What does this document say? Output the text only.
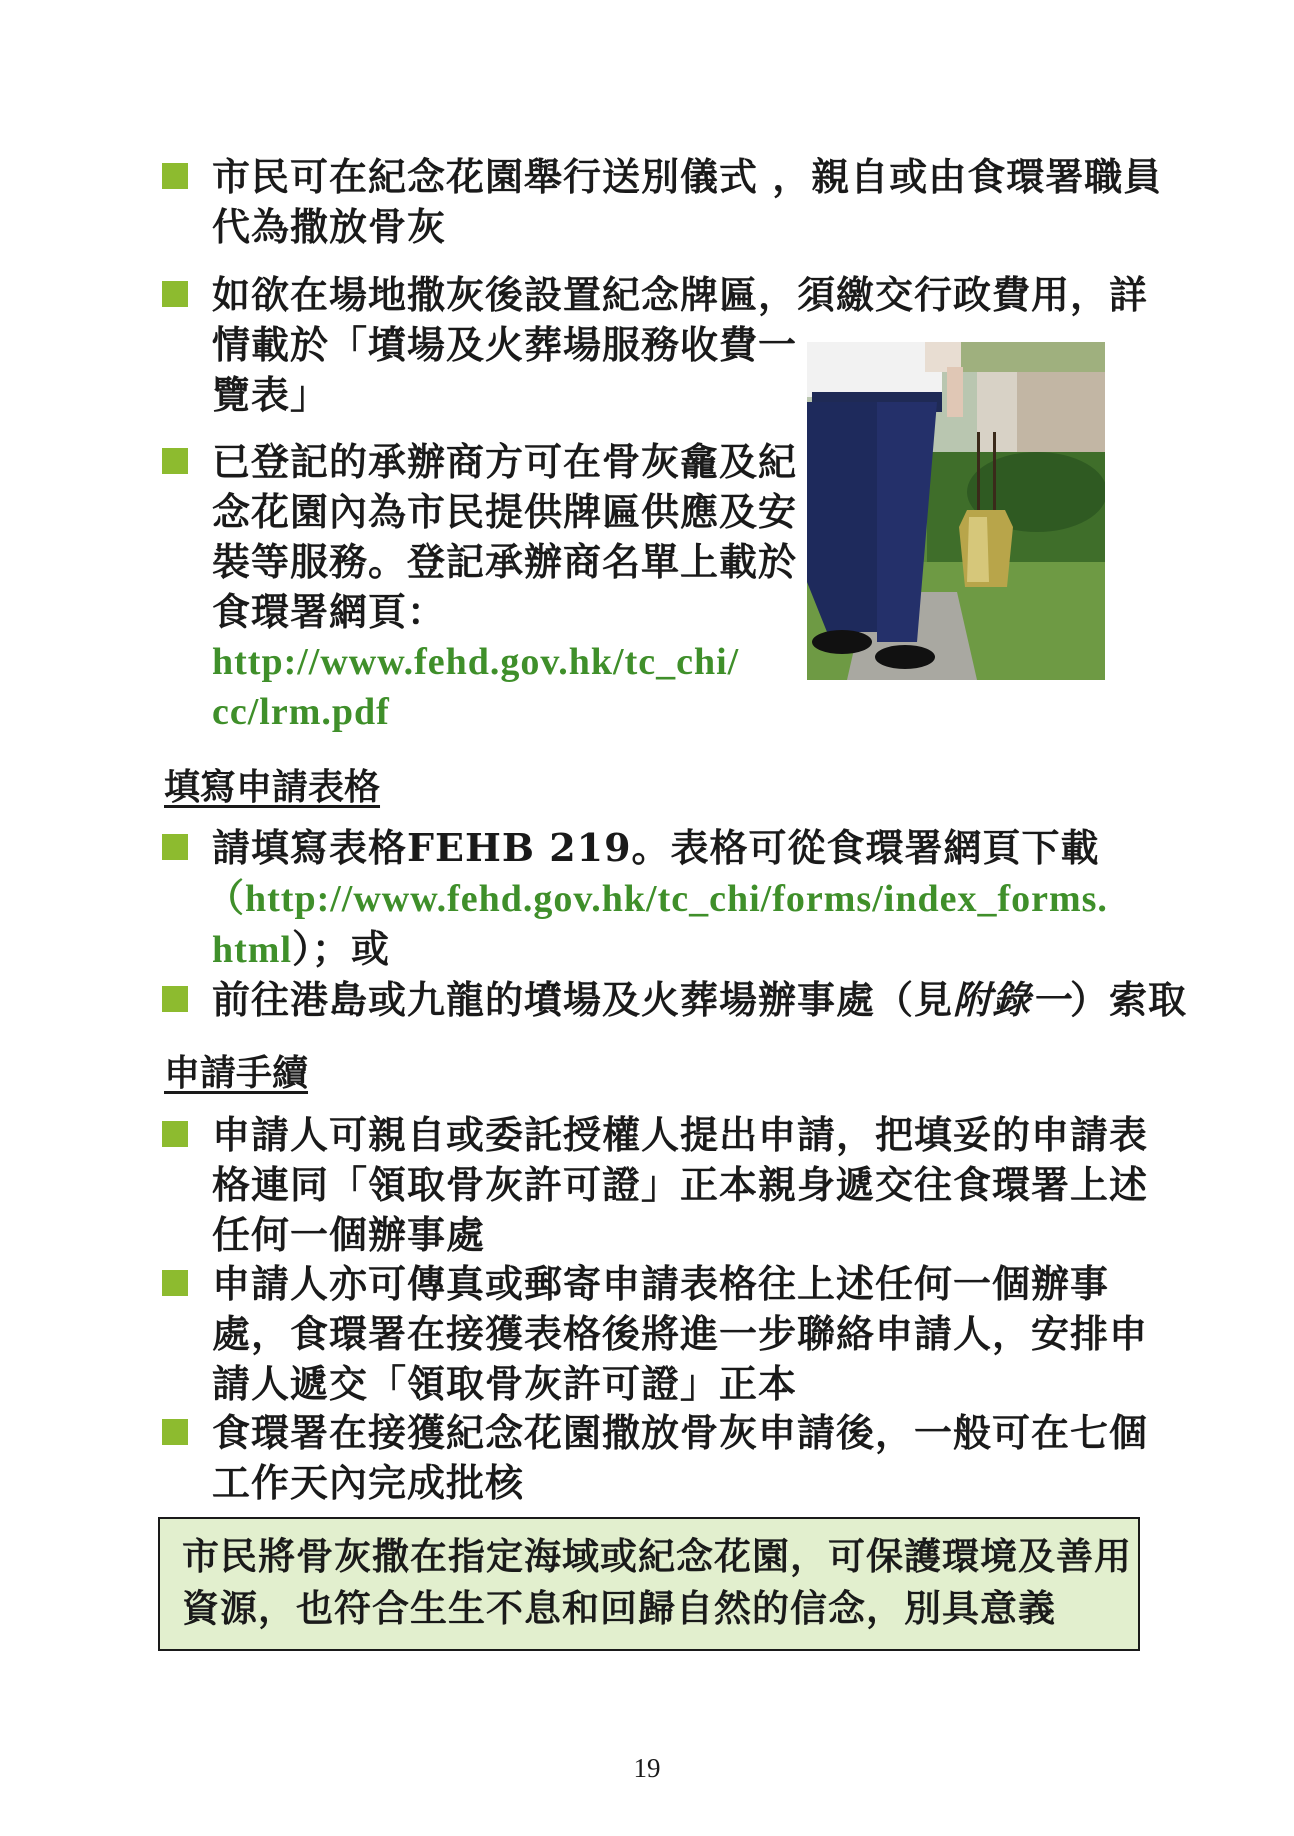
市民可在紀念花園舉行送別儀式 ，親自或由食環署職員
代為撒放骨灰
如欲在場地撒灰後設置紀念牌匾，須繳交行政費用，詳
情載於「墳場及火葬場服務收費一
覽表」
已登記的承辦商方可在骨灰龕及紀
念花園內為市民提供牌匾供應及安
裝等服務。登記承辦商名單上載於
食環署網頁：
http://www.fehd.gov.hk/tc_chi/
cc/lrm.pdf
填寫申請表格
請填寫表格FEHB 219。表格可從食環署網頁下載
（http://www.fehd.gov.hk/tc_chi/forms/index_forms.
html）；或
前往港島或九龍的墳場及火葬場辦事處（見附錄一）索取
申請手續
申請人可親自或委託授權人提出申請，把填妥的申請表
格連同「領取骨灰許可證」正本親身遞交往食環署上述
任何一個辦事處
申請人亦可傳真或郵寄申請表格往上述任何一個辦事
處，食環署在接獲表格後將進一步聯絡申請人，安排申
請人遞交「領取骨灰許可證」正本
食環署在接獲紀念花園撒放骨灰申請後，一般可在七個
工作天內完成批核
市民將骨灰撒在指定海域或紀念花園，可保護環境及善用
資源，也符合生生不息和回歸自然的信念，別具意義
19
